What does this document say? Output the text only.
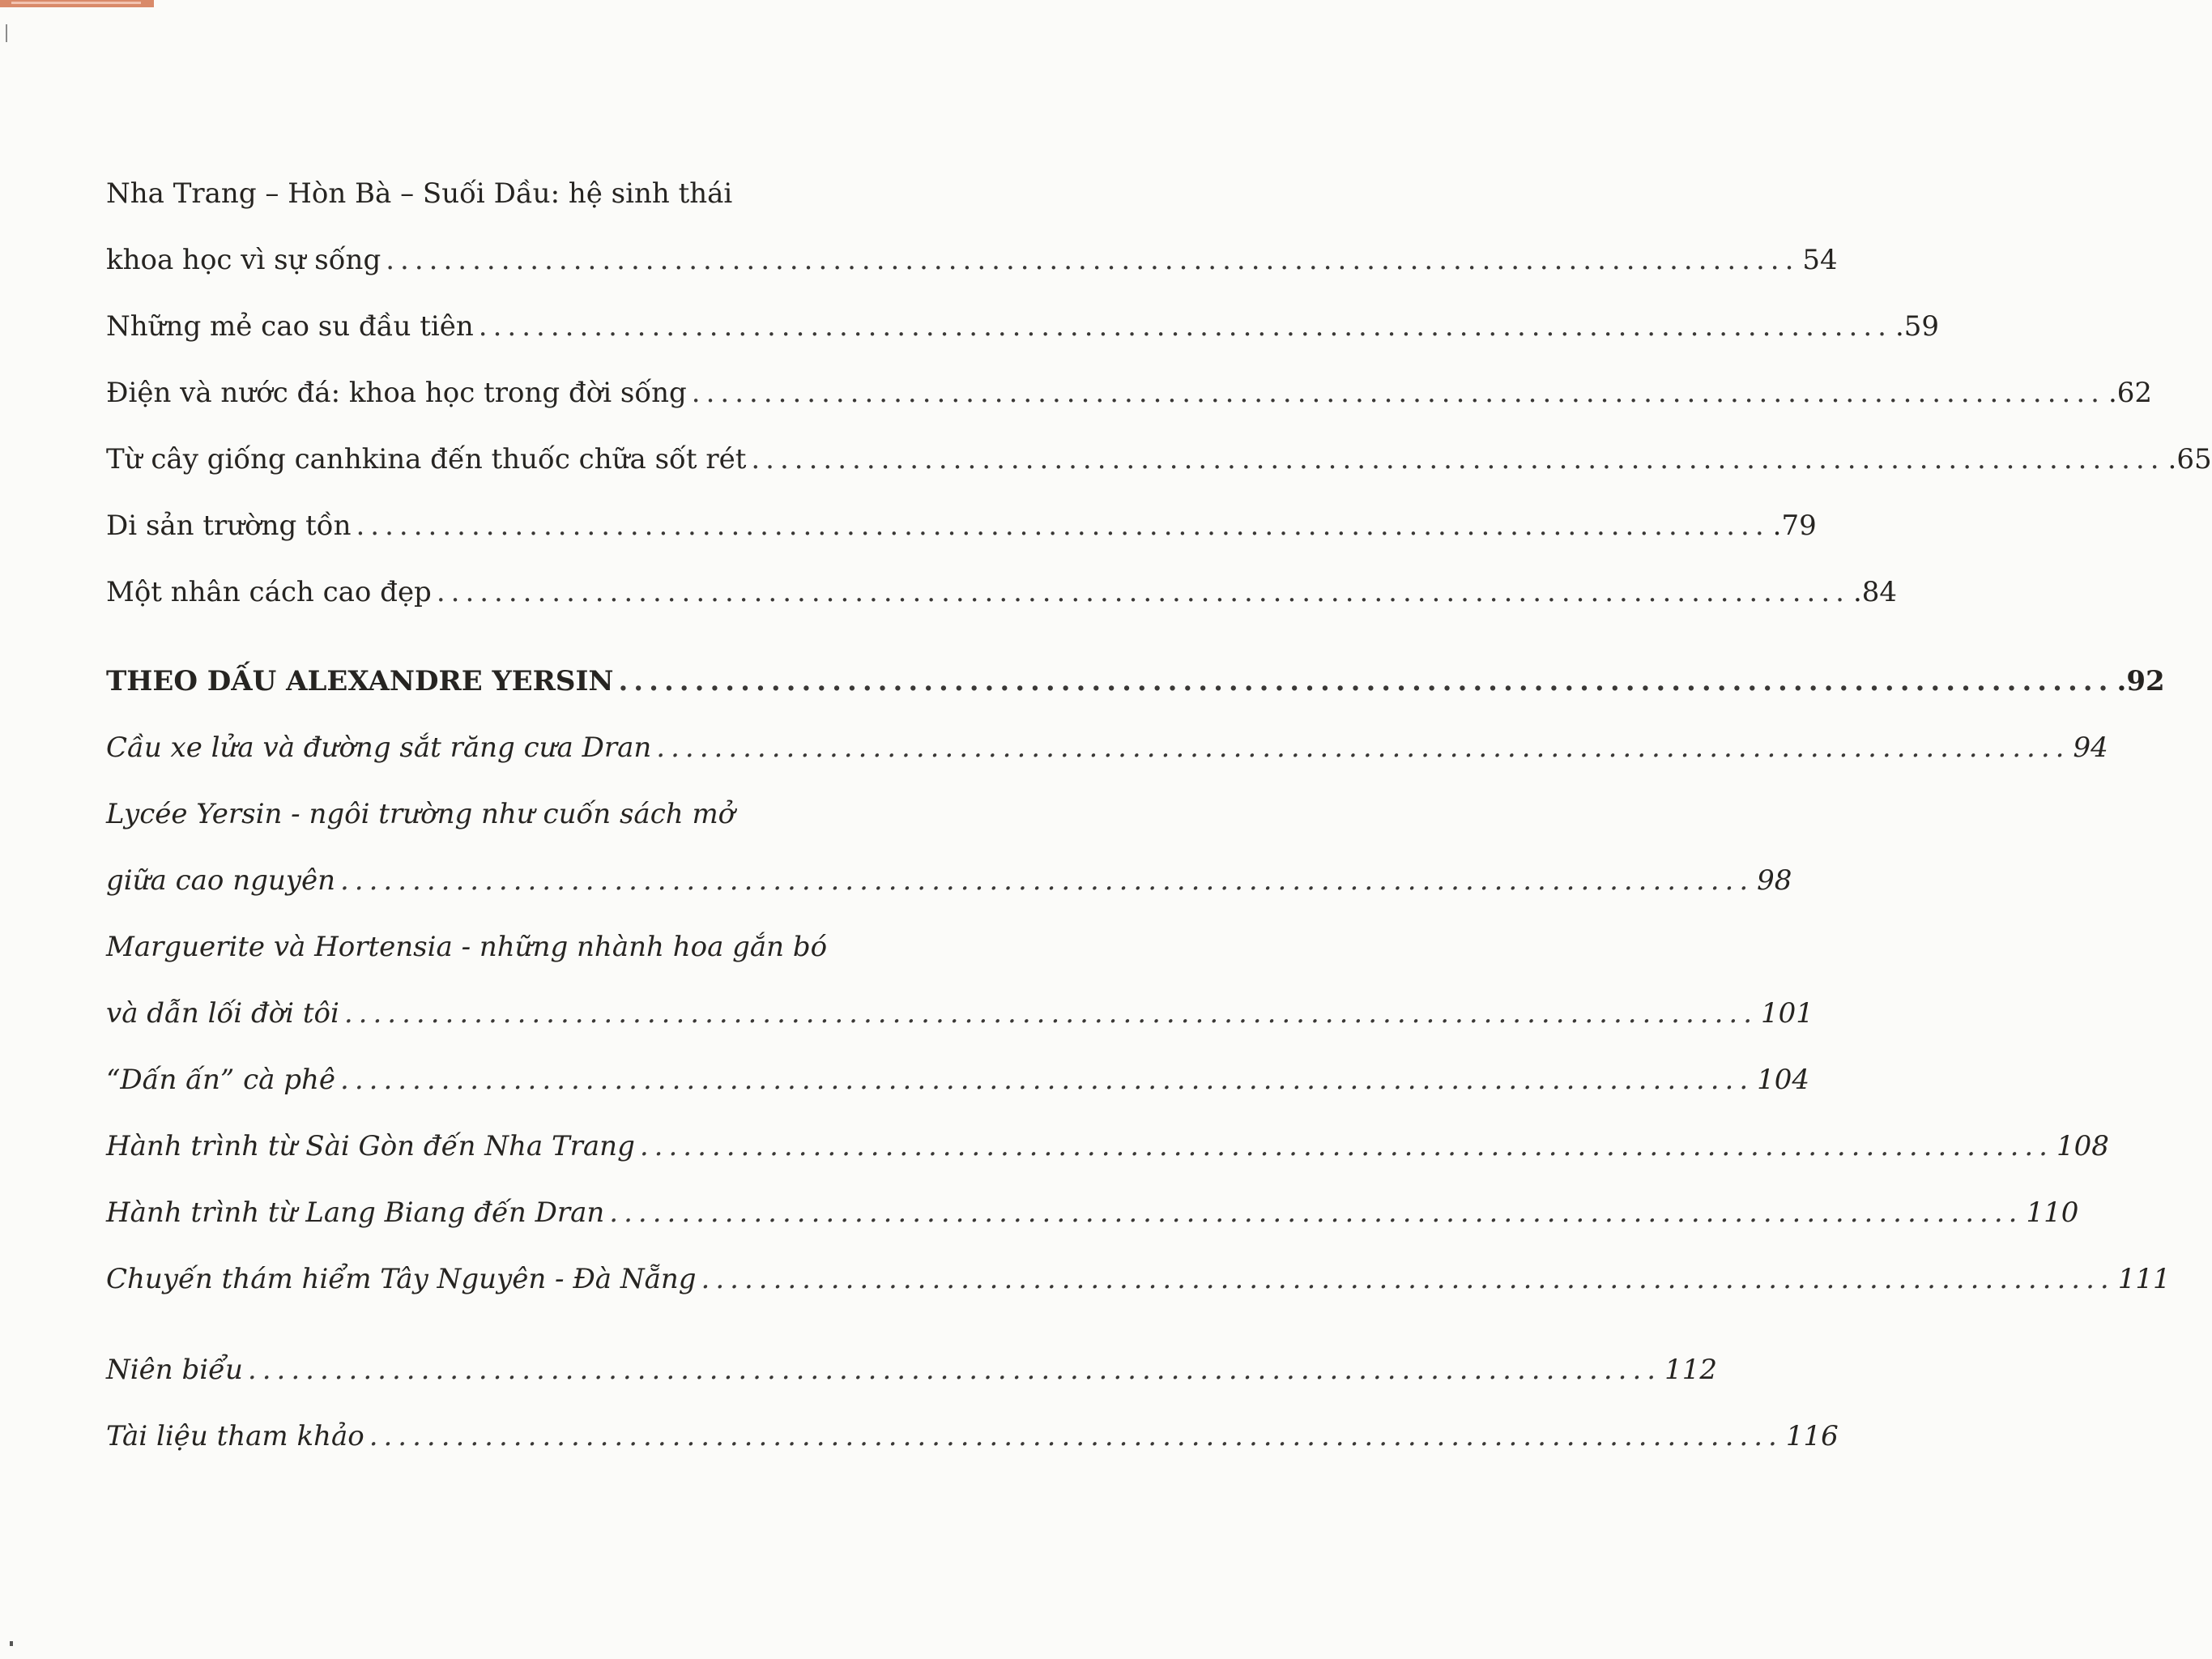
Nha Trang – Hòn Bà – Suối Dầu: hệ sinh thái
khoa học vì sự sống .................................................................................................. 54
Những mẻ cao su đầu tiên .................................................................................................. .59
Điện và nước đá: khoa học trong đời sống .................................................................................................. .62
Từ cây giống canhkina đến thuốc chữa sốt rét .................................................................................................. .65
Di sản trường tồn .................................................................................................. .79
Một nhân cách cao đẹp .................................................................................................. .84
THEO DẤU ALEXANDRE YERSIN .................................................................................................. .92
Cầu xe lửa và đường sắt răng cưa Dran .................................................................................................. 94
Lycée Yersin - ngôi trường như cuốn sách mở
giữa cao nguyên .................................................................................................. 98
Marguerite và Hortensia - những nhành hoa gắn bó
và dẫn lối đời tôi .................................................................................................. 101
“Dấn ấn” cà phê .................................................................................................. 104
Hành trình từ Sài Gòn đến Nha Trang .................................................................................................. 108
Hành trình từ Lang Biang đến Dran .................................................................................................. 110
Chuyến thám hiểm Tây Nguyên - Đà Nẵng .................................................................................................. 111
Niên biểu .................................................................................................. 112
Tài liệu tham khảo .................................................................................................. 116
